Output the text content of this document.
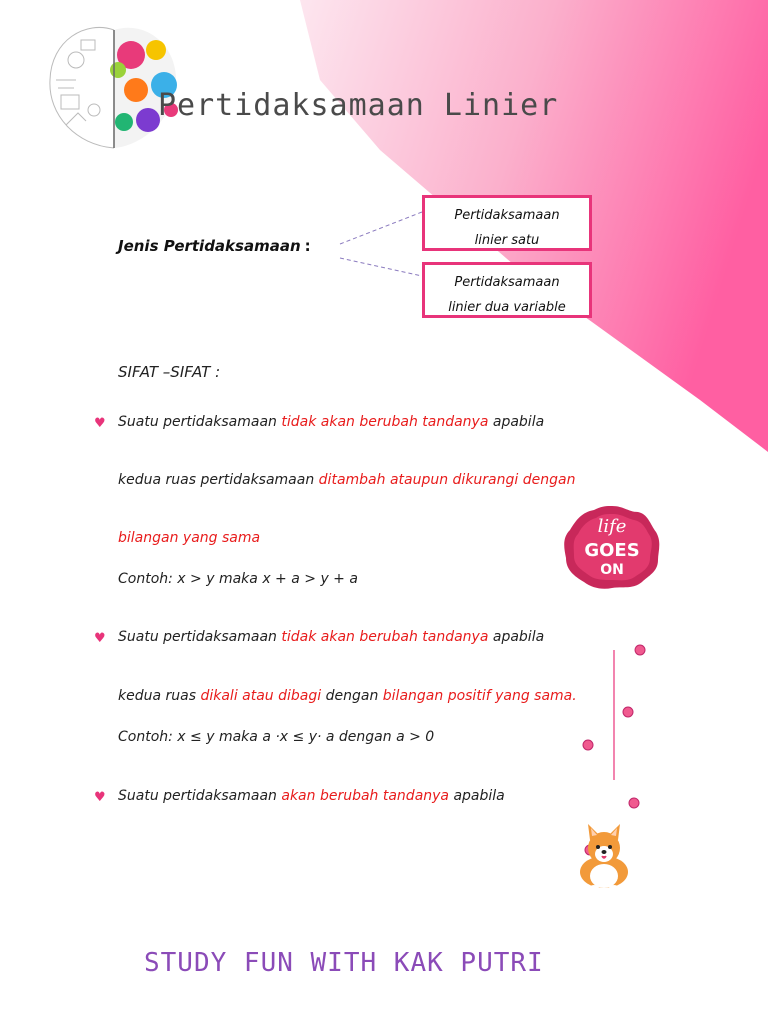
Pertidaksamaan Linier
Jenis Pertidaksamaan :
Pertidaksamaan
linier satu
Pertidaksamaan
linier dua variable
SIFAT –SIFAT :
♥ Suatu pertidaksamaan tidak akan berubah tandanya apabila
kedua ruas pertidaksamaan ditambah ataupun dikurangi dengan
bilangan yang sama
Contoh: x > y maka x + a > y + a
♥ Suatu pertidaksamaan tidak akan berubah tandanya apabila
kedua ruas dikali atau dibagi dengan bilangan positif yang sama.
Contoh: x ≤ y maka a ·x ≤ y· a dengan a > 0
♥ Suatu pertidaksamaan akan berubah tandanya apabila
life
GOES
ON
STUDY FUN WITH KAK PUTRI
